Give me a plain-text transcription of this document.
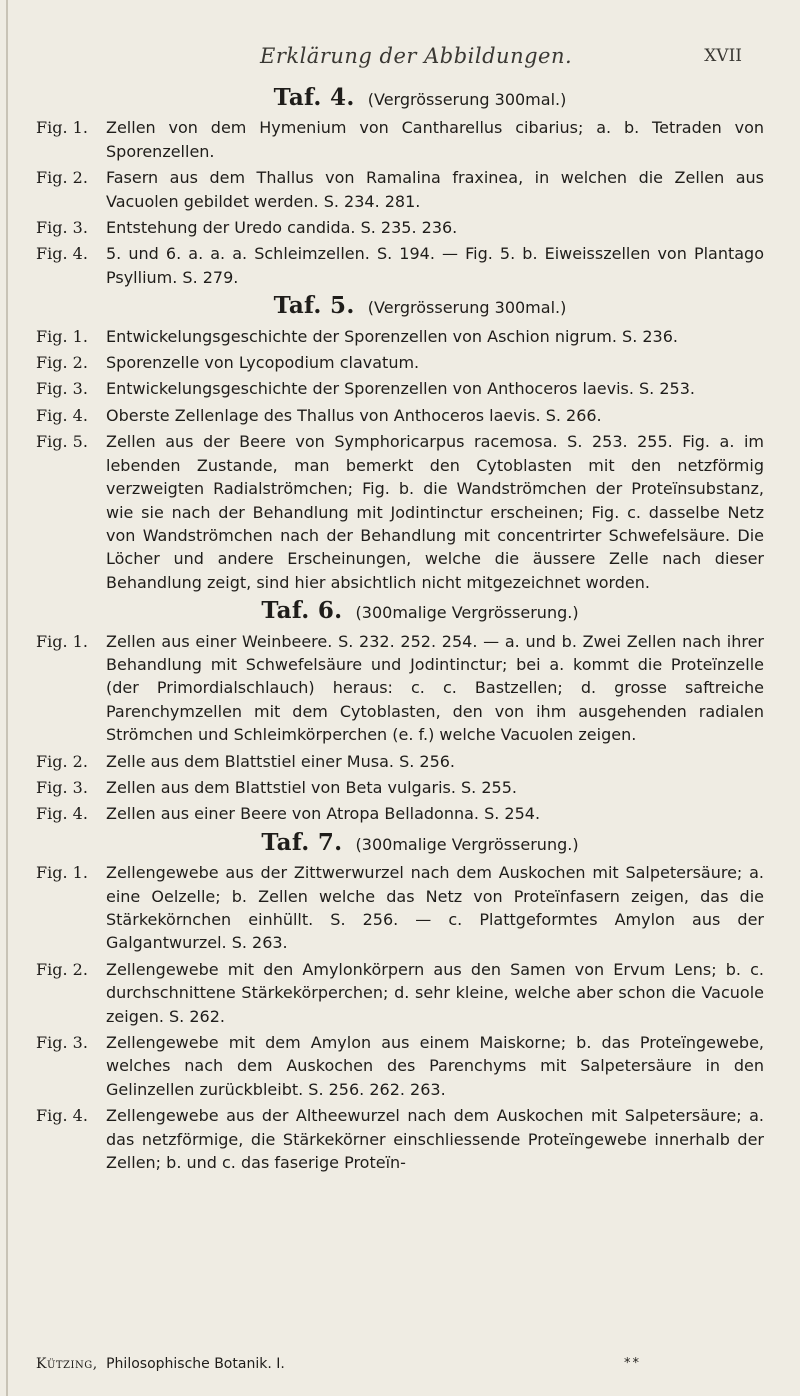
Erklärung der Abbildungen.	XVII
Taf. 4. (Vergrösserung 300mal.)
Fig. 1.	Zellen von dem Hymenium von Cantharellus cibarius; a. b. Tetraden von Sporenzellen.
Fig. 2.	Fasern aus dem Thallus von Ramalina fraxinea, in welchen die Zellen aus Vacuolen gebildet werden. S. 234. 281.
Fig. 3.	Entstehung der Uredo candida. S. 235. 236.
Fig. 4.	5. und 6. a. a. a. Schleimzellen. S. 194. — Fig. 5. b. Eiweisszellen von Plantago Psyllium. S. 279.
Taf. 5. (Vergrösserung 300mal.)
Fig. 1.	Entwickelungsgeschichte der Sporenzellen von Aschion nigrum. S. 236.
Fig. 2.	Sporenzelle von Lycopodium clavatum.
Fig. 3.	Entwickelungsgeschichte der Sporenzellen von Anthoceros laevis. S. 253.
Fig. 4.	Oberste Zellenlage des Thallus von Anthoceros laevis. S. 266.
Fig. 5.	Zellen aus der Beere von Symphoricarpus racemosa. S. 253. 255. Fig. a. im lebenden Zustande, man bemerkt den Cytoblasten mit den netzförmig verzweigten Radialströmchen; Fig. b. die Wandströmchen der Proteïnsubstanz, wie sie nach der Behandlung mit Jodintinctur erscheinen; Fig. c. dasselbe Netz von Wandströmchen nach der Behandlung mit concentrirter Schwefelsäure. Die Löcher und andere Erscheinungen, welche die äussere Zelle nach dieser Behandlung zeigt, sind hier absichtlich nicht mitgezeichnet worden.
Taf. 6. (300malige Vergrösserung.)
Fig. 1.	Zellen aus einer Weinbeere. S. 232. 252. 254. — a. und b. Zwei Zellen nach ihrer Behandlung mit Schwefelsäure und Jodintinctur; bei a. kommt die Proteïnzelle (der Primordialschlauch) heraus: c. c. Bastzellen; d. grosse saftreiche Parenchymzellen mit dem Cytoblasten, den von ihm ausgehenden radialen Strömchen und Schleimkörperchen (e. f.) welche Vacuolen zeigen.
Fig. 2.	Zelle aus dem Blattstiel einer Musa. S. 256.
Fig. 3.	Zellen aus dem Blattstiel von Beta vulgaris. S. 255.
Fig. 4.	Zellen aus einer Beere von Atropa Belladonna. S. 254.
Taf. 7. (300malige Vergrösserung.)
Fig. 1.	Zellengewebe aus der Zittwerwurzel nach dem Auskochen mit Salpetersäure; a. eine Oelzelle; b. Zellen welche das Netz von Proteïnfasern zeigen, das die Stärkekörnchen einhüllt. S. 256. — c. Plattgeformtes Amylon aus der Galgantwurzel. S. 263.
Fig. 2.	Zellengewebe mit den Amylonkörpern aus den Samen von Ervum Lens; b. c. durchschnittene Stärkekörperchen; d. sehr kleine, welche aber schon die Vacuole zeigen. S. 262.
Fig. 3.	Zellengewebe mit dem Amylon aus einem Maiskorne; b. das Proteïngewebe, welches nach dem Auskochen des Parenchyms mit Salpetersäure in den Gelinzellen zurückbleibt. S. 256. 262. 263.
Fig. 4.	Zellengewebe aus der Altheewurzel nach dem Auskochen mit Salpetersäure; a. das netzförmige, die Stärkekörner einschliessende Proteïngewebe innerhalb der Zellen; b. und c. das faserige Proteïn-
Kützing, Philosophische Botanik. I.	**
